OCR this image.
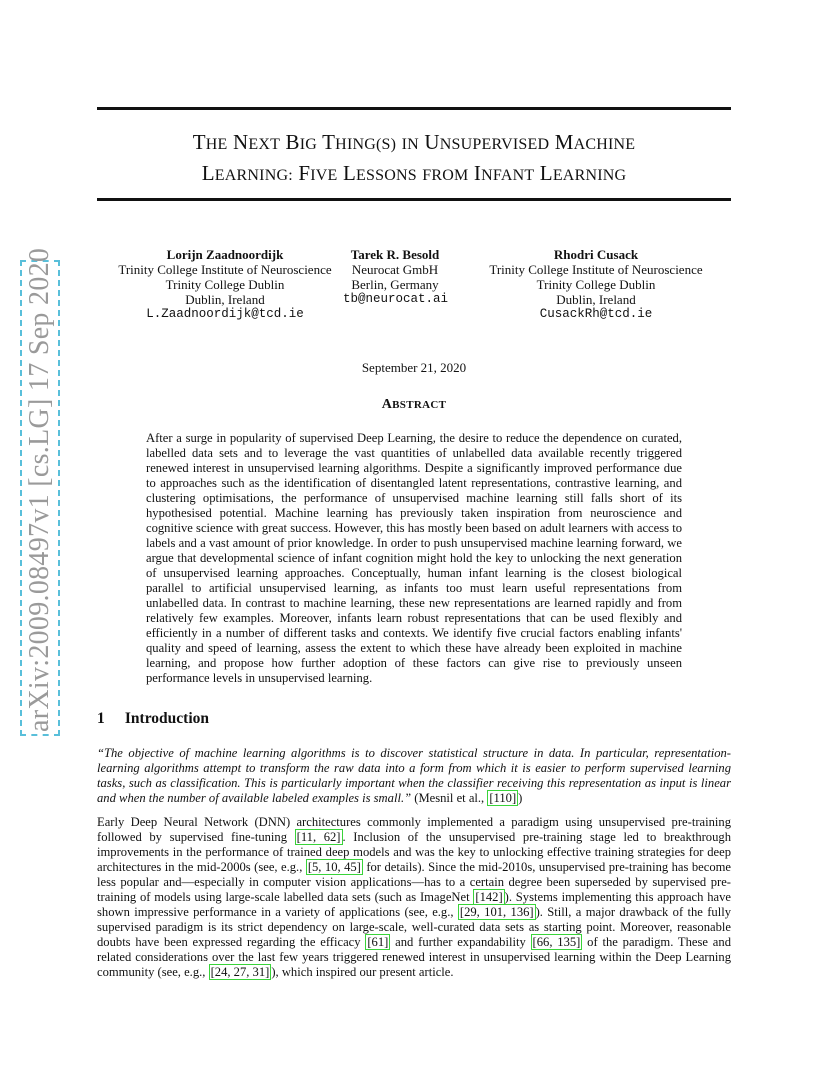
THE NEXT BIG THING(S) IN UNSUPERVISED MACHINE
LEARNING: FIVE LESSONS FROM INFANT LEARNING
arXiv:2009.08497v1 [cs.LG] 17 Sep 2020	Lorijn Zaadnoordijk
Trinity College Institute of Neuroscience
Trinity College Dublin
Dublin, Ireland
L.Zaadnoordijk@tcd.ie
Tarek R. Besold
Neurocat GmbH
Berlin, Germany
tb@neurocat.ai
Rhodri Cusack
Trinity College Institute of Neuroscience
Trinity College Dublin
Dublin, Ireland
CusackRh@tcd.ie
September 21, 2020
ABSTRACT

After a surge in popularity of supervised Deep Learning, the desire to reduce the dependence on curated, labelled data sets and to leverage the vast quantities of unlabelled data available recently triggered renewed interest in unsupervised learning algorithms. Despite a significantly improved performance due to approaches such as the identification of disentangled latent representations, contrastive learning, and clustering optimisations, the performance of unsupervised machine learning still falls short of its hypothesised potential. Machine learning has previously taken inspiration from neuroscience and cognitive science with great success. However, this has mostly been based on adult learners with access to labels and a vast amount of prior knowledge. In order to push unsupervised machine learning forward, we argue that developmental science of infant cognition might hold the key to unlocking the next generation of unsupervised learning approaches. Conceptually, human infant learning is the closest biological parallel to artificial unsupervised learning, as infants too must learn useful representations from unlabelled data. In contrast to machine learning, these new representations are learned rapidly and from relatively few examples. Moreover, infants learn robust representations that can be used flexibly and efficiently in a number of different tasks and contexts. We identify five crucial factors enabling infants' quality and speed of learning, assess the extent to which these have already been exploited in machine learning, and propose how further adoption of these factors can give rise to previously unseen performance levels in unsupervised learning.

1 Introduction

“The objective of machine learning algorithms is to discover statistical structure in data. In particular, representation-learning algorithms attempt to transform the raw data into a form from which it is easier to perform supervised learning tasks, such as classification. This is particularly important when the classifier receiving this representation as input is linear and when the number of available labeled examples is small.” (Mesnil et al., [110] )

Early Deep Neural Network (DNN) architectures commonly implemented a paradigm using unsupervised pre-training followed by supervised fine-tuning [11, 62] . Inclusion of the unsupervised pre-training stage led to breakthrough improvements in the performance of trained deep models and was the key to unlocking effective training strategies for deep architectures in the mid-2000s (see, e.g., [5, 10, 45] for details). Since the mid-2010s, unsupervised pre-training has become less popular and—especially in computer vision applications—has to a certain degree been superseded by supervised pre-training of models using large-scale labelled data sets (such as ImageNet [142] ). Systems implementing this approach have shown impressive performance in a variety of applications (see, e.g., [29, 101, 136] ). Still, a major drawback of the fully supervised paradigm is its strict dependency on large-scale, well-curated data sets as starting point. Moreover, reasonable doubts have been expressed regarding the efficacy [61] and further expandability [66, 135] of the paradigm. These and related considerations over the last few years triggered renewed interest in unsupervised learning within the Deep Learning community (see, e.g., [24, 27, 31] ), which inspired our present article.
